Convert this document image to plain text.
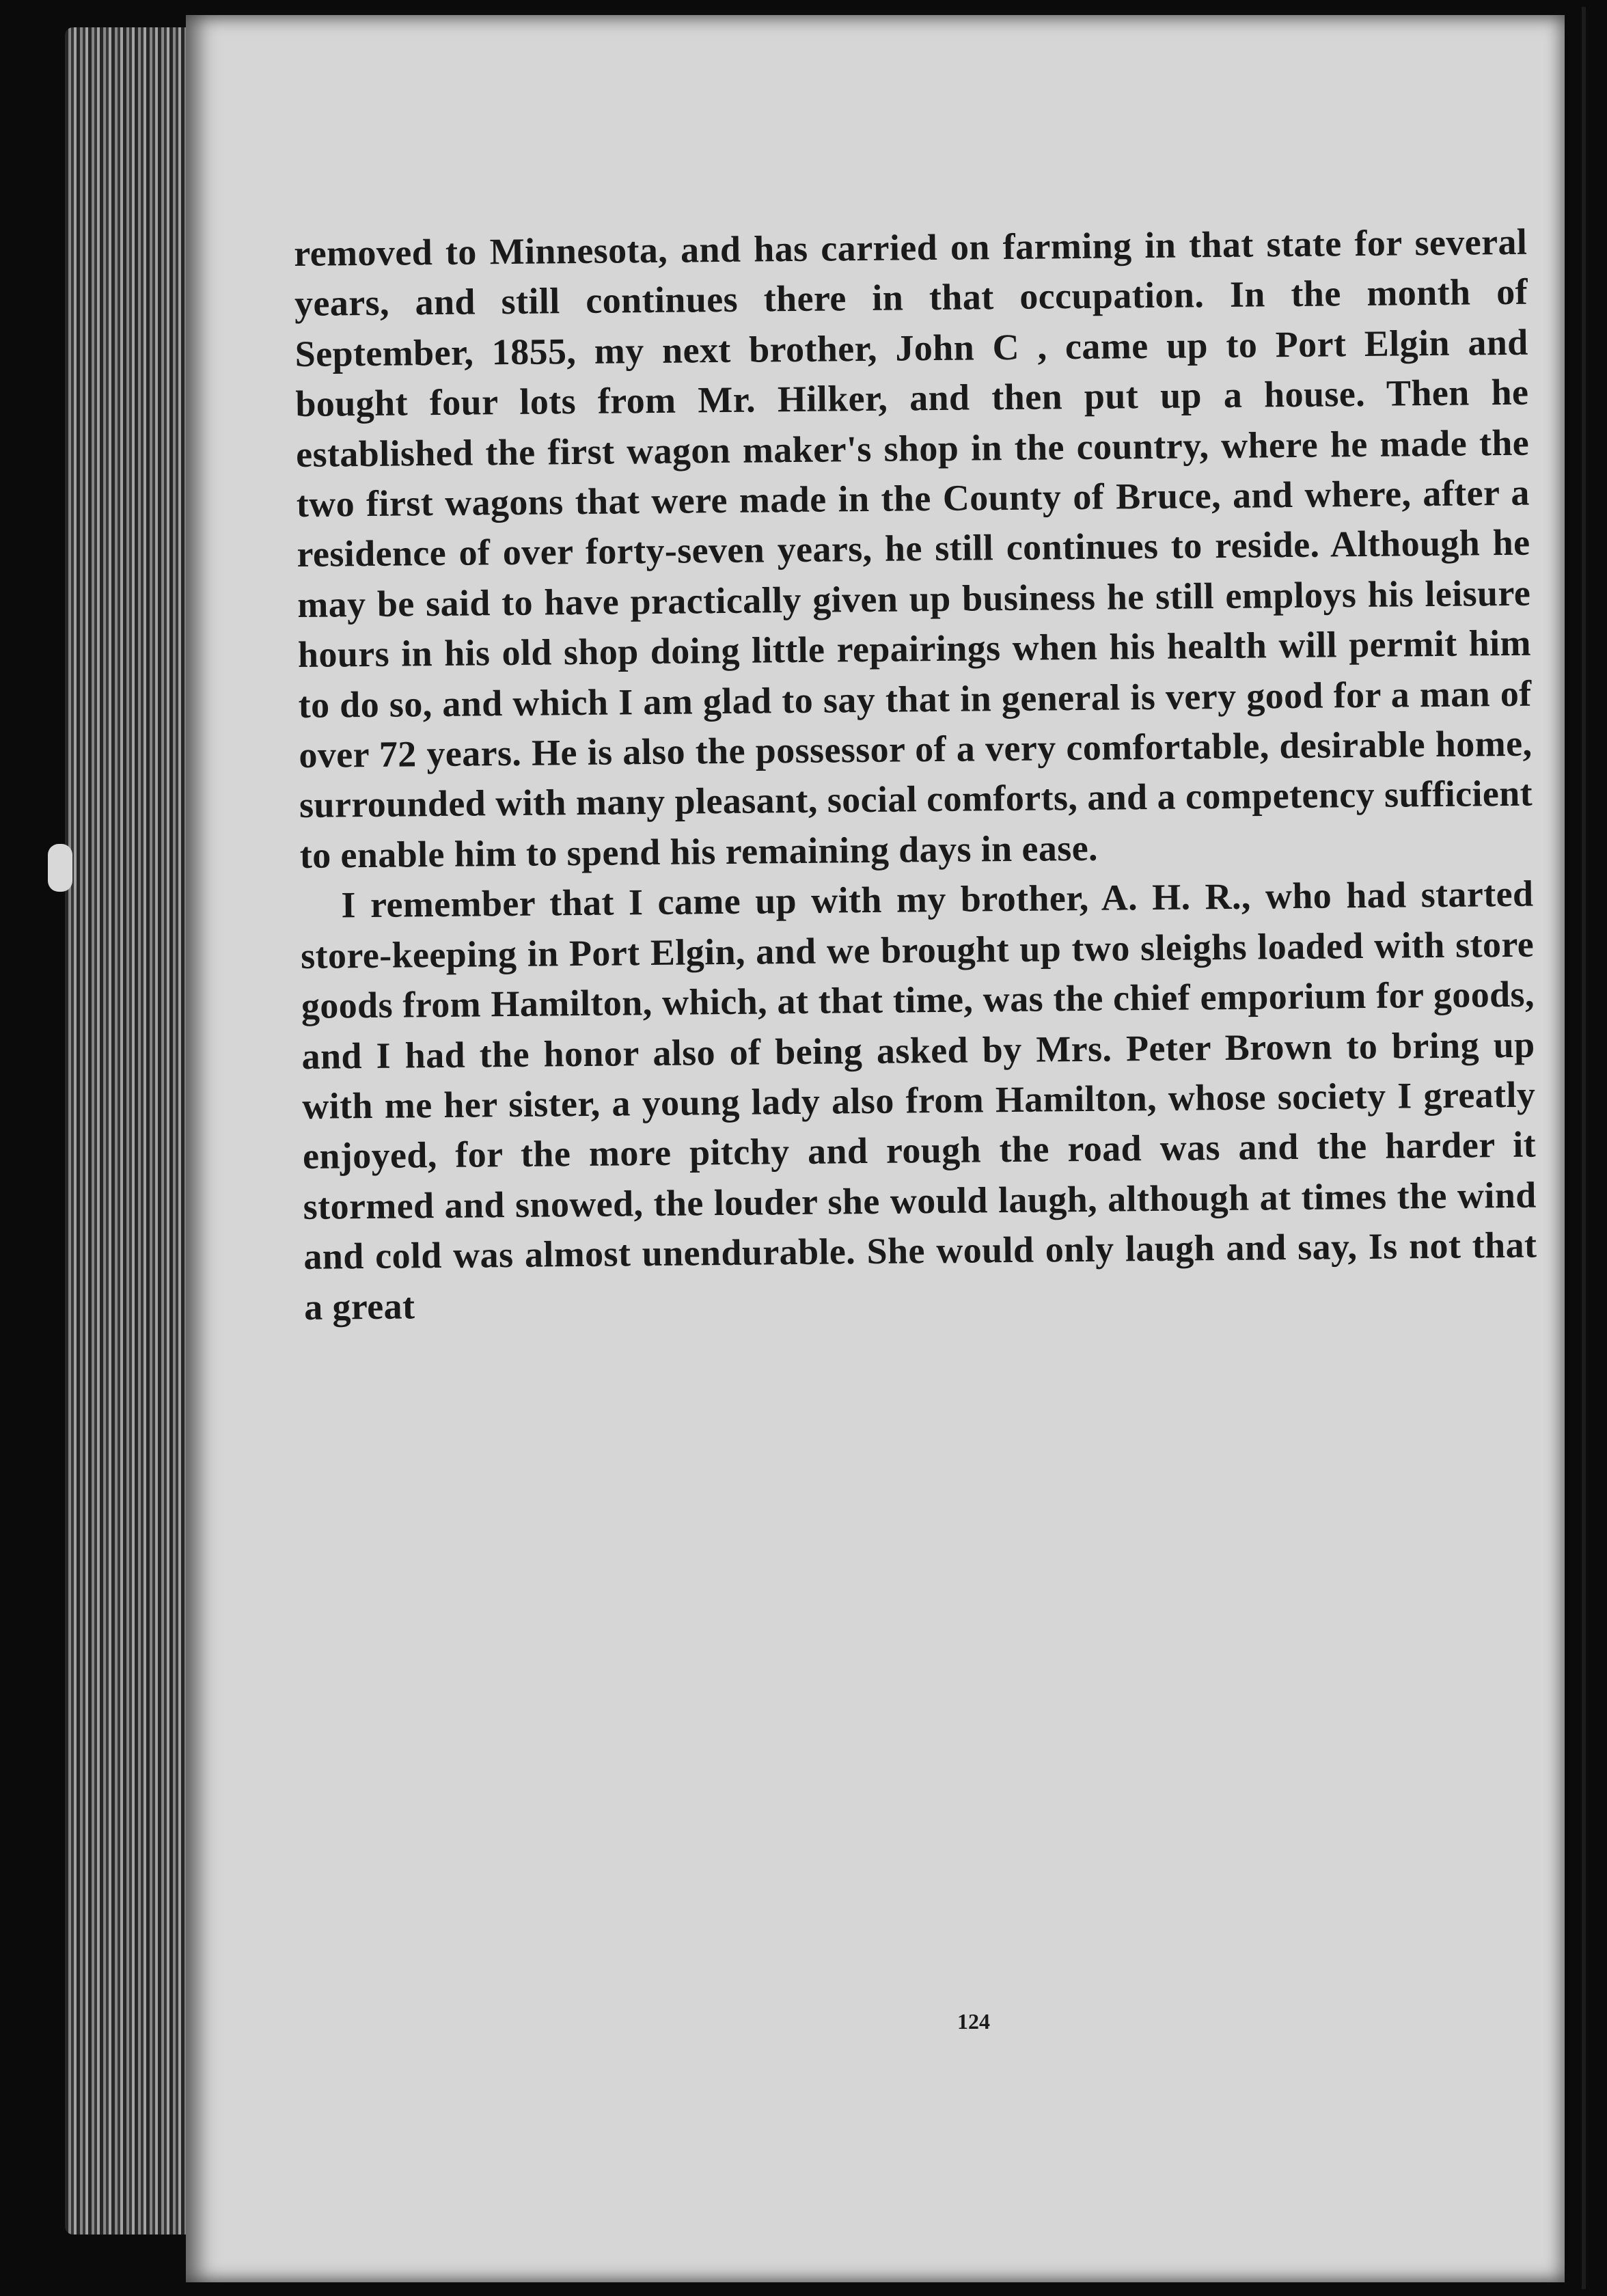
removed to Minnesota, and has carried on farming in that state for several years, and still continues there in that occupation. In the month of September, 1855, my next brother, John C , came up to Port Elgin and bought four lots from Mr. Hilker, and then put up a house. Then he established the first wagon maker's shop in the country, where he made the two first wagons that were made in the County of Bruce, and where, after a residence of over forty-seven years, he still continues to reside. Although he may be said to have practically given up business he still employs his leisure hours in his old shop doing little repairings when his health will permit him to do so, and which I am glad to say that in general is very good for a man of over 72 years. He is also the possessor of a very comfortable, desirable home, surrounded with many pleasant, social comforts, and a competency sufficient to enable him to spend his remaining days in ease.

I remember that I came up with my brother, A. H. R., who had started store-keeping in Port Elgin, and we brought up two sleighs loaded with store goods from Hamilton, which, at that time, was the chief emporium for goods, and I had the honor also of being asked by Mrs. Peter Brown to bring up with me her sister, a young lady also from Hamilton, whose society I greatly enjoyed, for the more pitchy and rough the road was and the harder it stormed and snowed, the louder she would laugh, although at times the wind and cold was almost unendurable. She would only laugh and say, Is not that a great

124
